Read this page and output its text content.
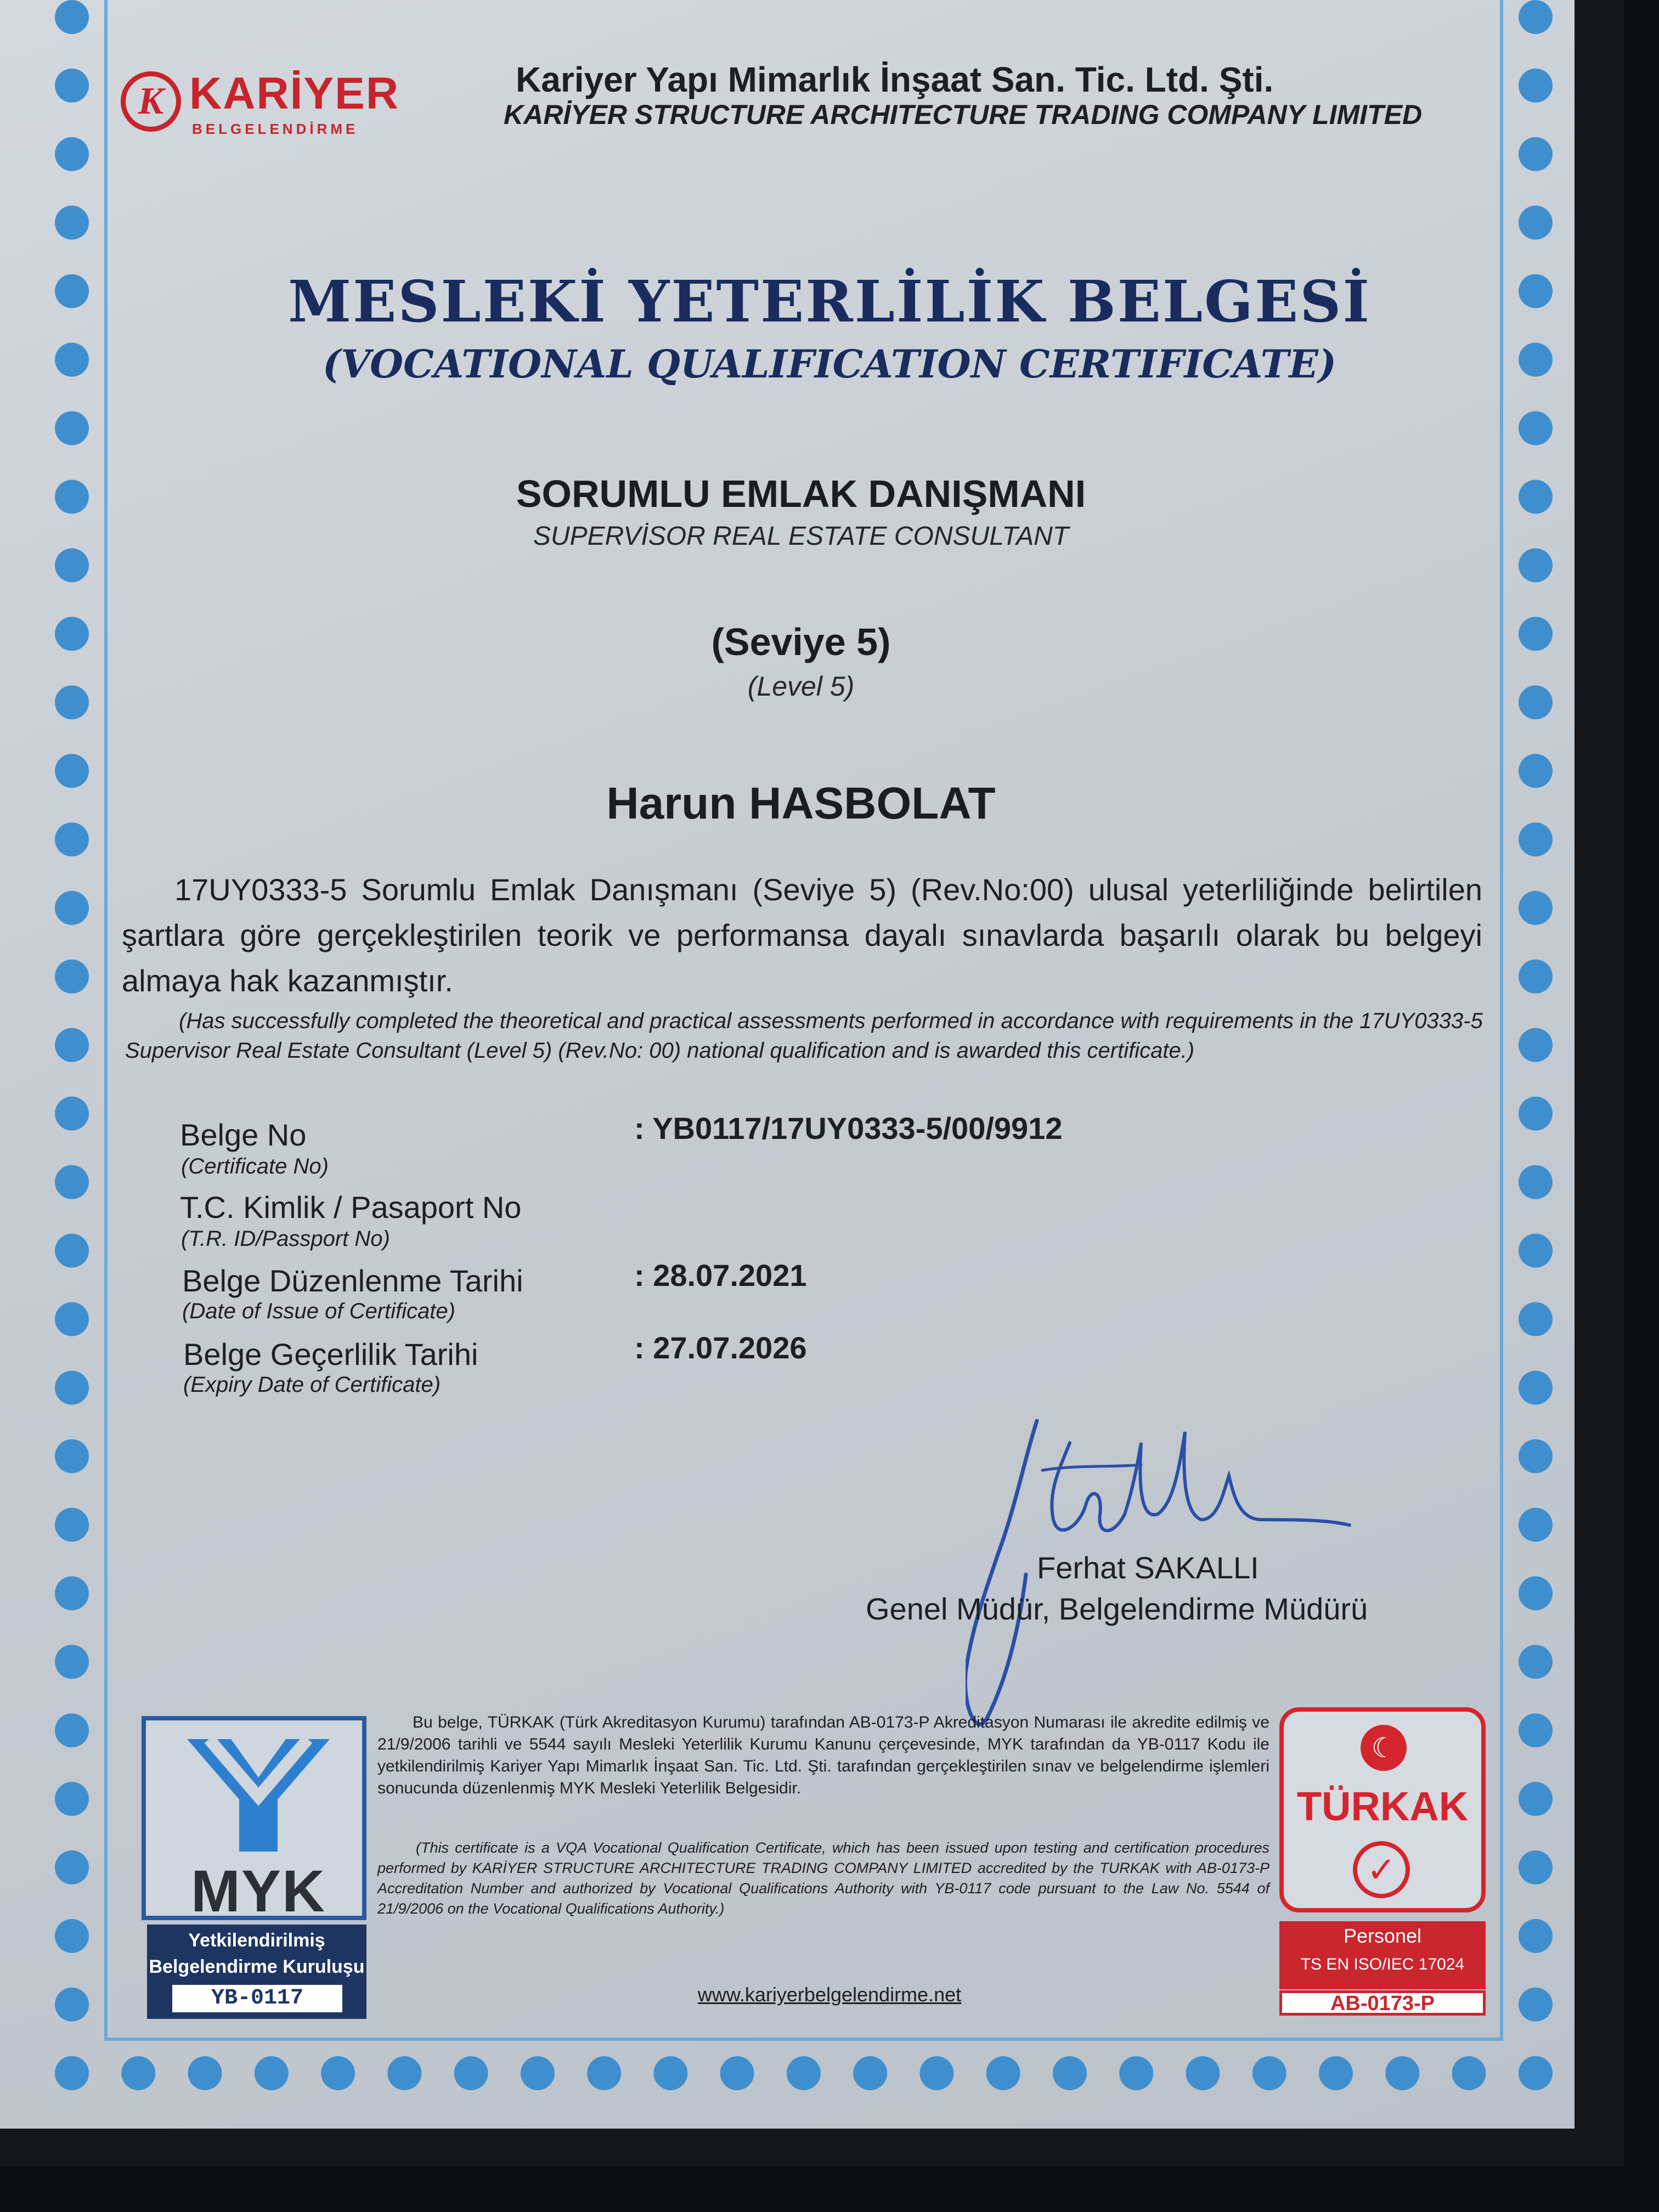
K KARİYER
BELGELENDİRME

Kariyer Yapı Mimarlık İnşaat San. Tic. Ltd. Şti.

KARİYER STRUCTURE ARCHITECTURE TRADING COMPANY LIMITED

MESLEKİ YETERLİLİK BELGESİ

(VOCATIONAL QUALIFICATION CERTIFICATE)

SORUMLU EMLAK DANIŞMANI

SUPERVİSOR REAL ESTATE CONSULTANT

(Seviye 5)

(Level 5)

Harun HASBOLAT

17UY0333-5 Sorumlu Emlak Danışmanı (Seviye 5) (Rev.No:00) ulusal yeterliliğinde belirtilen şartlara göre gerçekleştirilen teorik ve performansa dayalı sınavlarda başarılı olarak bu belgeyi almaya hak kazanmıştır.

(Has successfully completed the theoretical and practical assessments performed in accordance with requirements in the 17UY0333-5 Supervisor Real Estate Consultant (Level 5) (Rev.No: 00) national qualification and is awarded this certificate.)

Belge No
(Certificate No)
: YB0117/17UY0333-5/00/9912
T.C. Kimlik / Pasaport No
(T.R. ID/Passport No)
Belge Düzenlenme Tarihi
(Date of Issue of Certificate)
: 28.07.2021
Belge Geçerlilik Tarihi
(Expiry Date of Certificate)
: 27.07.2026

Ferhat SAKALLI

Genel Müdür, Belgelendirme Müdürü

MYK
Yetkilendirilmiş
Belgelendirme Kuruluşu
YB-0117

Bu belge, TÜRKAK (Türk Akreditasyon Kurumu) tarafından AB-0173-P Akreditasyon Numarası ile akredite edilmiş ve 21/9/2006 tarihli ve 5544 sayılı Mesleki Yeterlilik Kurumu Kanunu çerçevesinde, MYK tarafından da YB-0117 Kodu ile yetkilendirilmiş Kariyer Yapı Mimarlık İnşaat San. Tic. Ltd. Şti. tarafından gerçekleştirilen sınav ve belgelendirme işlemleri sonucunda düzenlenmiş MYK Mesleki Yeterlilik Belgesidir.

(This certificate is a VQA Vocational Qualification Certificate, which has been issued upon testing and certification procedures performed by KARİYER STRUCTURE ARCHITECTURE TRADING COMPANY LIMITED accredited by the TURKAK with AB-0173-P Accreditation Number and authorized by Vocational Qualifications Authority with YB-0117 code pursuant to the Law No. 5544 of 21/9/2006 on the Vocational Qualifications Authority.)

www.kariyerbelgelendirme.net

☾
TÜRKAK
✓
Personel
TS EN ISO/IEC 17024
AB-0173-P
